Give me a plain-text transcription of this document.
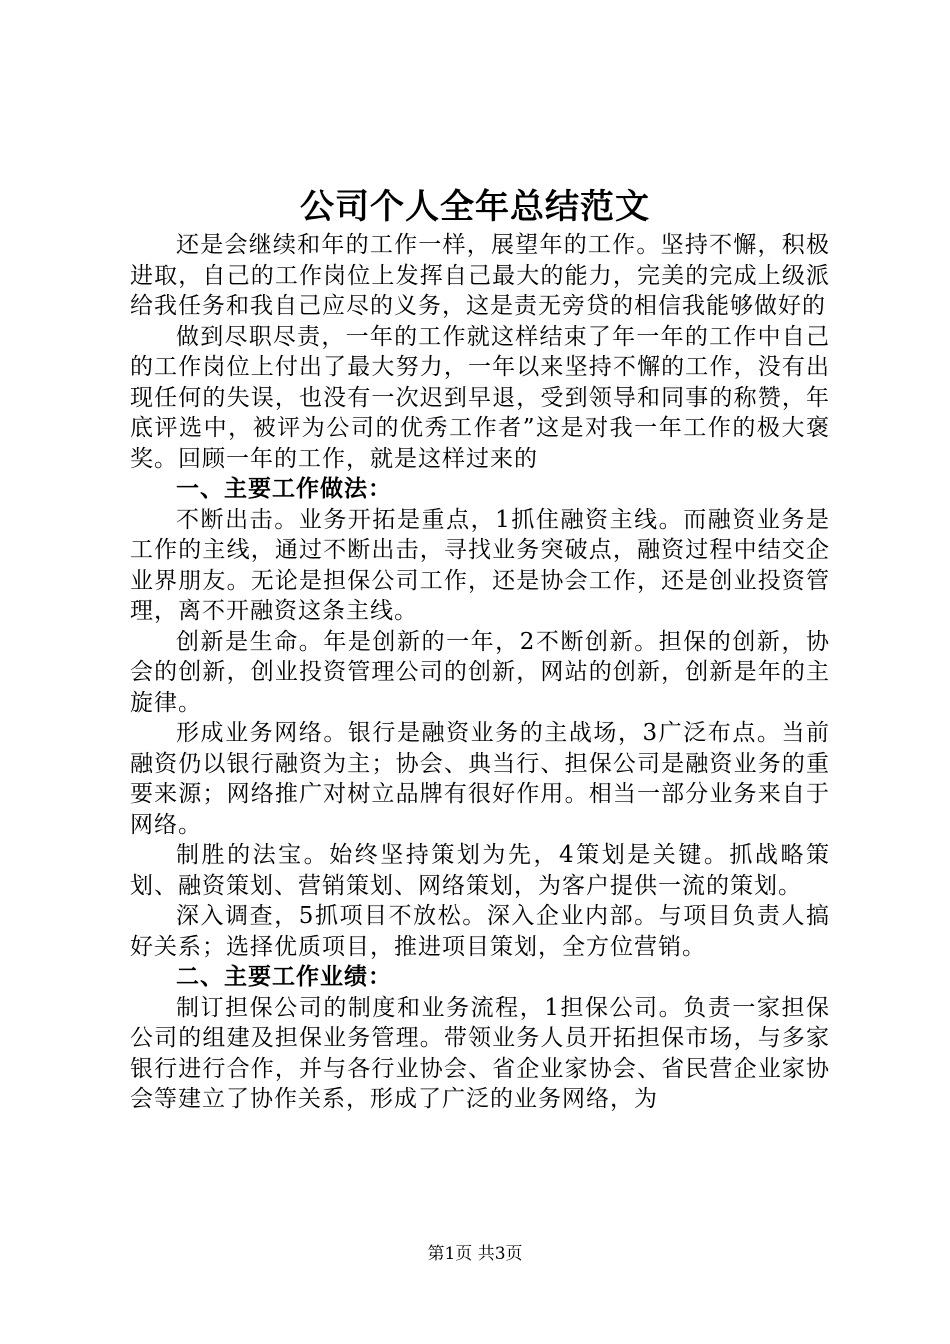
公司个人全年总结范文

还是会继续和年的工作一样，展望年的工作。坚持不懈，积极进取，自己的工作岗位上发挥自己最大的能力，完美的完成上级派给我任务和我自己应尽的义务，这是责无旁贷的相信我能够做好的

做到尽职尽责，一年的工作就这样结束了年一年的工作中自己的工作岗位上付出了最大努力，一年以来坚持不懈的工作，没有出现任何的失误，也没有一次迟到早退，受到领导和同事的称赞，年底评选中，被评为公司的优秀工作者”这是对我一年工作的极大褒奖。回顾一年的工作，就是这样过来的

一、主要工作做法：

不断出击。业务开拓是重点，1抓住融资主线。而融资业务是工作的主线，通过不断出击，寻找业务突破点，融资过程中结交企业界朋友。无论是担保公司工作，还是协会工作，还是创业投资管理，离不开融资这条主线。

创新是生命。年是创新的一年，2不断创新。担保的创新，协会的创新，创业投资管理公司的创新，网站的创新，创新是年的主旋律。

形成业务网络。银行是融资业务的主战场，3广泛布点。当前融资仍以银行融资为主；协会、典当行、担保公司是融资业务的重要来源；网络推广对树立品牌有很好作用。相当一部分业务来自于网络。

制胜的法宝。始终坚持策划为先，4策划是关键。抓战略策划、融资策划、营销策划、网络策划，为客户提供一流的策划。

深入调查，5抓项目不放松。深入企业内部。与项目负责人搞好关系；选择优质项目，推进项目策划，全方位营销。

二、主要工作业绩：

制订担保公司的制度和业务流程，1担保公司。负责一家担保公司的组建及担保业务管理。带领业务人员开拓担保市场，与多家银行进行合作，并与各行业协会、省企业家协会、省民营企业家协会等建立了协作关系，形成了广泛的业务网络，为

第1页 共3页
